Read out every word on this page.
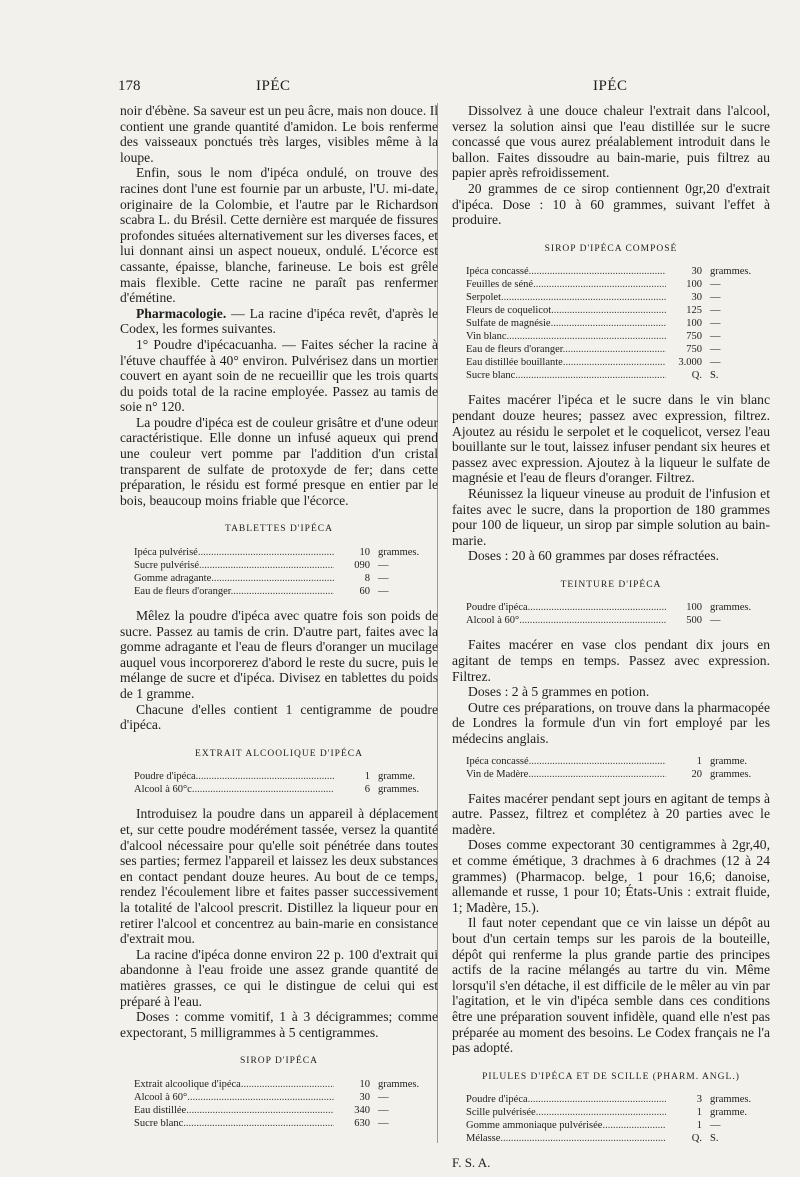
178	IPÉC	IPÉC

noir d'ébène. Sa saveur est un peu âcre, mais non douce. Il contient une grande quantité d'amidon. Le bois renferme des vaisseaux ponctués très larges, visibles même à la loupe.

Enfin, sous le nom d'ipéca ondulé, on trouve des racines dont l'une est fournie par un arbuste, l'U. mi-date, originaire de la Colombie, et l'autre par le Richardson scabra L. du Brésil. Cette dernière est marquée de fissures profondes situées alternativement sur les diverses faces, et lui donnant ainsi un aspect noueux, ondulé. L'écorce est cassante, épaisse, blanche, farineuse. Le bois est grêle mais flexible. Cette racine ne paraît pas renfermer d'émétine.

Pharmacologie. — La racine d'ipéca revêt, d'après le Codex, les formes suivantes.

1° Poudre d'ipécacuanha. — Faites sécher la racine à l'étuve chauffée à 40° environ. Pulvérisez dans un mortier couvert en ayant soin de ne recueillir que les trois quarts du poids total de la racine employée. Passez au tamis de soie n° 120.

La poudre d'ipéca est de couleur grisâtre et d'une odeur caractéristique. Elle donne un infusé aqueux qui prend une couleur vert pomme par l'addition d'un cristal transparent de sulfate de protoxyde de fer; dans cette préparation, le résidu est formé presque en entier par le bois, beaucoup moins friable que l'écorce.

TABLETTES D'IPÉCA
Ipéca pulvérisé .....	10 grammes.
Sucre pulvérisé .....	090 —
Gomme adragante .....	8 —
Eau de fleurs d'oranger .....	60 —

Mêlez la poudre d'ipéca avec quatre fois son poids de sucre. Passez au tamis de crin. D'autre part, faites avec la gomme adragante et l'eau de fleurs d'oranger un mucilage auquel vous incorporerez d'abord le reste du sucre, puis le mélange de sucre et d'ipéca. Divisez en tablettes du poids de 1 gramme.

Chacune d'elles contient 1 centigramme de poudre d'ipéca.

EXTRAIT ALCOOLIQUE D'IPÉCA
Poudre d'ipéca .....	1 gramme.
Alcool à 60°c .....	6 grammes.

Introduisez la poudre dans un appareil à déplacement et, sur cette poudre modérément tassée, versez la quantité d'alcool nécessaire pour qu'elle soit pénétrée dans toutes ses parties; fermez l'appareil et laissez les deux substances en contact pendant douze heures. Au bout de ce temps, rendez l'écoulement libre et faites passer successivement la totalité de l'alcool prescrit. Distillez la liqueur pour en retirer l'alcool et concentrez au bain-marie en consistance d'extrait mou.

La racine d'ipéca donne environ 22 p. 100 d'extrait qui abandonne à l'eau froide une assez grande quantité de matières grasses, ce qui le distingue de celui qui est préparé à l'eau.

Doses : comme vomitif, 1 à 3 décigrammes; comme expectorant, 5 milligrammes à 5 centigrammes.

SIROP D'IPÉCA
Extrait alcoolique d'ipéca .....	10 grammes.
Alcool à 60° .....	30 —
Eau distillée .....	340 —
Sucre blanc .....	630 —

Dissolvez à une douce chaleur l'extrait dans l'alcool, versez la solution ainsi que l'eau distillée sur le sucre concassé que vous aurez préalablement introduit dans le ballon. Faites dissoudre au bain-marie, puis filtrez au papier après refroidissement.

20 grammes de ce sirop contiennent 0gr,20 d'extrait d'ipéca. Dose : 10 à 60 grammes, suivant l'effet à produire.

SIROP D'IPÉCA COMPOSÉ
Ipéca concassé .....	30 grammes.
Feuilles de séné .....	100 —
Serpolet .....	30 —
Fleurs de coquelicot .....	125 —
Sulfate de magnésie .....	100 —
Vin blanc .....	750 —
Eau de fleurs d'oranger .....	750 —
Eau distillée bouillante .....	3.000 —
Sucre blanc .....	Q. S.

Faites macérer l'ipéca et le sucre dans le vin blanc pendant douze heures; passez avec expression, filtrez. Ajoutez au résidu le serpolet et le coquelicot, versez l'eau bouillante sur le tout, laissez infuser pendant six heures et passez avec expression. Ajoutez à la liqueur le sulfate de magnésie et l'eau de fleurs d'oranger. Filtrez.

Réunissez la liqueur vineuse au produit de l'infusion et faites avec le sucre, dans la proportion de 180 grammes pour 100 de liqueur, un sirop par simple solution au bain-marie.

Doses : 20 à 60 grammes par doses réfractées.

TEINTURE D'IPÉCA
Poudre d'ipéca .....	100 grammes.
Alcool à 60° .....	500 —

Faites macérer en vase clos pendant dix jours en agitant de temps en temps. Passez avec expression. Filtrez.

Doses : 2 à 5 grammes en potion.

Outre ces préparations, on trouve dans la pharmacopée de Londres la formule d'un vin fort employé par les médecins anglais.

Ipéca concassé .....	1 gramme.
Vin de Madère .....	20 grammes.

Faites macérer pendant sept jours en agitant de temps à autre. Passez, filtrez et complétez à 20 parties avec le madère.

Doses comme expectorant 30 centigrammes à 2gr,40, et comme émétique, 3 drachmes à 6 drachmes (12 à 24 grammes) (Pharmacop. belge, 1 pour 16,6; danoise, allemande et russe, 1 pour 10; États-Unis : extrait fluide, 1; Madère, 15.).

Il faut noter cependant que ce vin laisse un dépôt au bout d'un certain temps sur les parois de la bouteille, dépôt qui renferme la plus grande partie des principes actifs de la racine mélangés au tartre du vin. Même lorsqu'il s'en détache, il est difficile de le mêler au vin par l'agitation, et le vin d'ipéca semble dans ces conditions être une préparation souvent infidèle, quand elle n'est pas préparée au moment des besoins. Le Codex français ne l'a pas adopté.

PILULES D'IPÉCA ET DE SCILLE (PHARM. ANGL.)
Poudre d'ipéca .....	3 grammes.
Scille pulvérisée .....	1 gramme.
Gomme ammoniaque pulvérisée .....	1 —
Mélasse .....	Q. S.
F. S. A.
